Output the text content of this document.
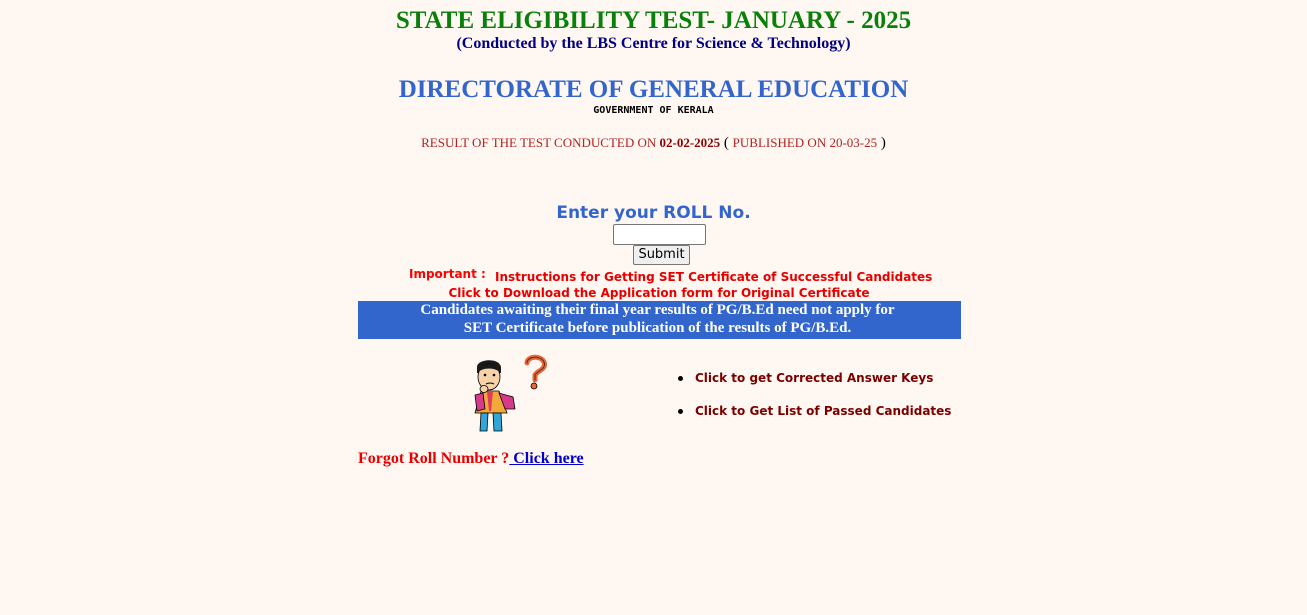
STATE ELIGIBILITY TEST- JANUARY - 2025
(Conducted by the LBS Centre for Science & Technology)
DIRECTORATE OF GENERAL EDUCATION
GOVERNMENT OF KERALA
RESULT OF THE TEST CONDUCTED ON 02-02-2025 ( PUBLISHED ON 20-03-25 )
Enter your ROLL No.
Submit
Important : Instructions for Getting SET Certificate of Successful Candidates
Click to Download the Application form for Original Certificate
Candidates awaiting their final year results of PG/B.Ed need not apply for
SET Certificate before publication of the results of PG/B.Ed.
Click to get Corrected Answer Keys
Click to Get List of Passed Candidates
Forgot Roll Number ? Click here
